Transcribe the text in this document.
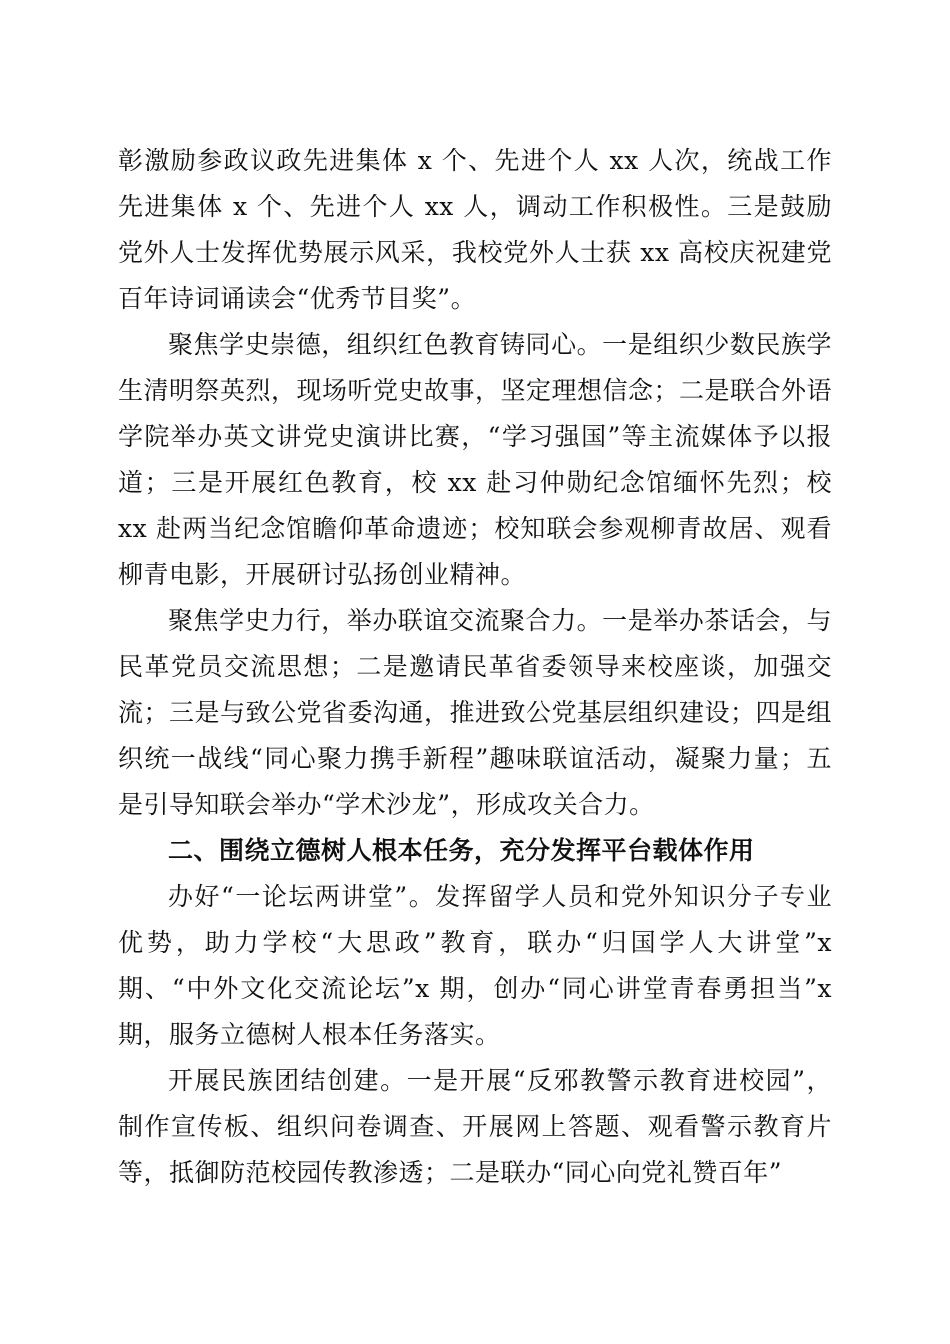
彰激励参政议政先进集体 x 个、先进个人 xx 人次，统战工作先进集体 x 个、先进个人 xx 人，调动工作积极性。三是鼓励党外人士发挥优势展示风采，我校党外人士获 xx 高校庆祝建党百年诗词诵读会“优秀节目奖”。

聚焦学史崇德，组织红色教育铸同心。一是组织少数民族学生清明祭英烈，现场听党史故事，坚定理想信念；二是联合外语学院举办英文讲党史演讲比赛，“学习强国”等主流媒体予以报道；三是开展红色教育，校 xx 赴习仲勋纪念馆缅怀先烈；校 xx 赴两当纪念馆瞻仰革命遗迹；校知联会参观柳青故居、观看柳青电影，开展研讨弘扬创业精神。

聚焦学史力行，举办联谊交流聚合力。一是举办茶话会，与民革党员交流思想；二是邀请民革省委领导来校座谈，加强交流；三是与致公党省委沟通，推进致公党基层组织建设；四是组织统一战线“同心聚力携手新程”趣味联谊活动，凝聚力量；五是引导知联会举办“学术沙龙”，形成攻关合力。

二、围绕立德树人根本任务，充分发挥平台载体作用

办好“一论坛两讲堂”。发挥留学人员和党外知识分子专业优势，助力学校“大思政”教育，联办“归国学人大讲堂”x 期、“中外文化交流论坛”x 期，创办“同心讲堂青春勇担当”x 期，服务立德树人根本任务落实。

开展民族团结创建。一是开展“反邪教警示教育进校园”，制作宣传板、组织问卷调查、开展网上答题、观看警示教育片等，抵御防范校园传教渗透；二是联办“同心向党礼赞百年”
